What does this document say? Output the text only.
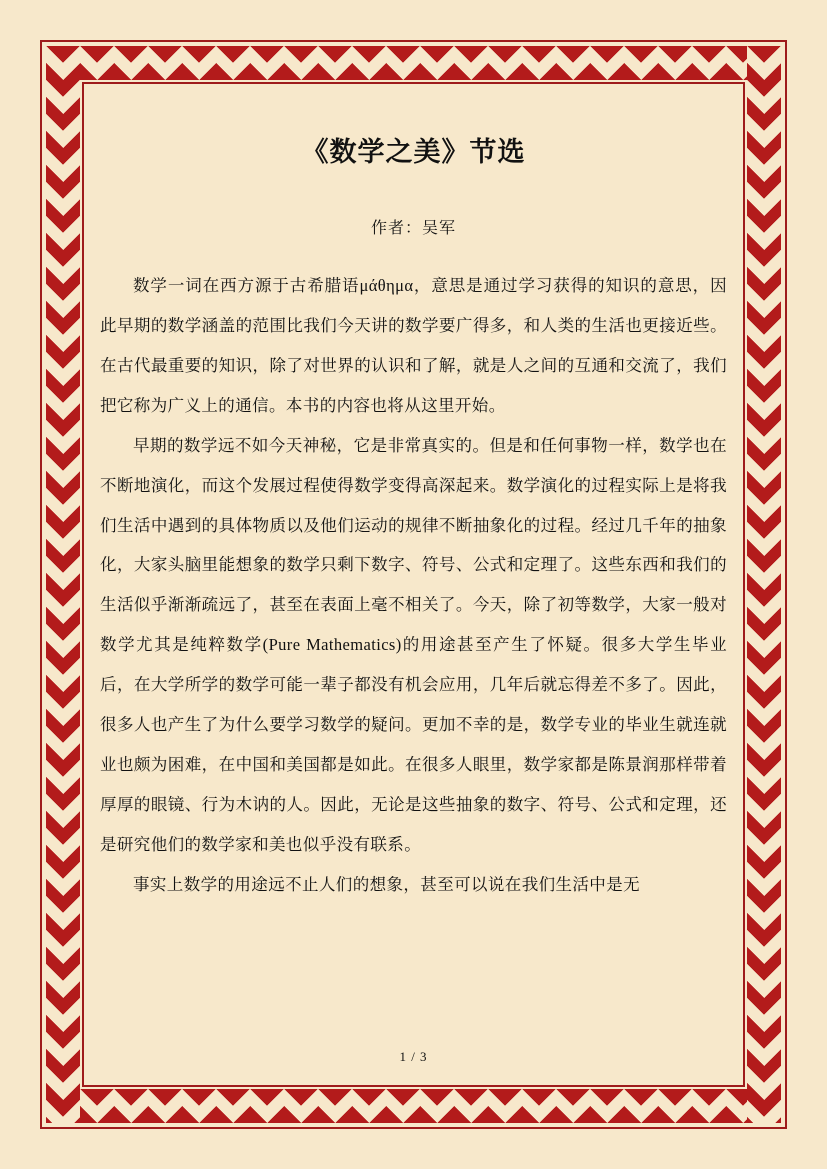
《数学之美》节选
作者：吴军

数学一词在西方源于古希腊语μάθημα，意思是通过学习获得的知识的意思，因此早期的数学涵盖的范围比我们今天讲的数学要广得多，和人类的生活也更接近些。在古代最重要的知识，除了对世界的认识和了解，就是人之间的互通和交流了，我们把它称为广义上的通信。本书的内容也将从这里开始。

早期的数学远不如今天神秘，它是非常真实的。但是和任何事物一样，数学也在不断地演化，而这个发展过程使得数学变得高深起来。数学演化的过程实际上是将我们生活中遇到的具体物质以及他们运动的规律不断抽象化的过程。经过几千年的抽象化，大家头脑里能想象的数学只剩下数字、符号、公式和定理了。这些东西和我们的生活似乎渐渐疏远了，甚至在表面上毫不相关了。今天，除了初等数学，大家一般对数学尤其是纯粹数学(Pure Mathematics)的用途甚至产生了怀疑。很多大学生毕业后，在大学所学的数学可能一辈子都没有机会应用，几年后就忘得差不多了。因此，很多人也产生了为什么要学习数学的疑问。更加不幸的是，数学专业的毕业生就连就业也颇为困难，在中国和美国都是如此。在很多人眼里，数学家都是陈景润那样带着厚厚的眼镜、行为木讷的人。因此，无论是这些抽象的数字、符号、公式和定理，还是研究他们的数学家和美也似乎没有联系。

事实上数学的用途远不止人们的想象，甚至可以说在我们生活中是无

1 / 3
